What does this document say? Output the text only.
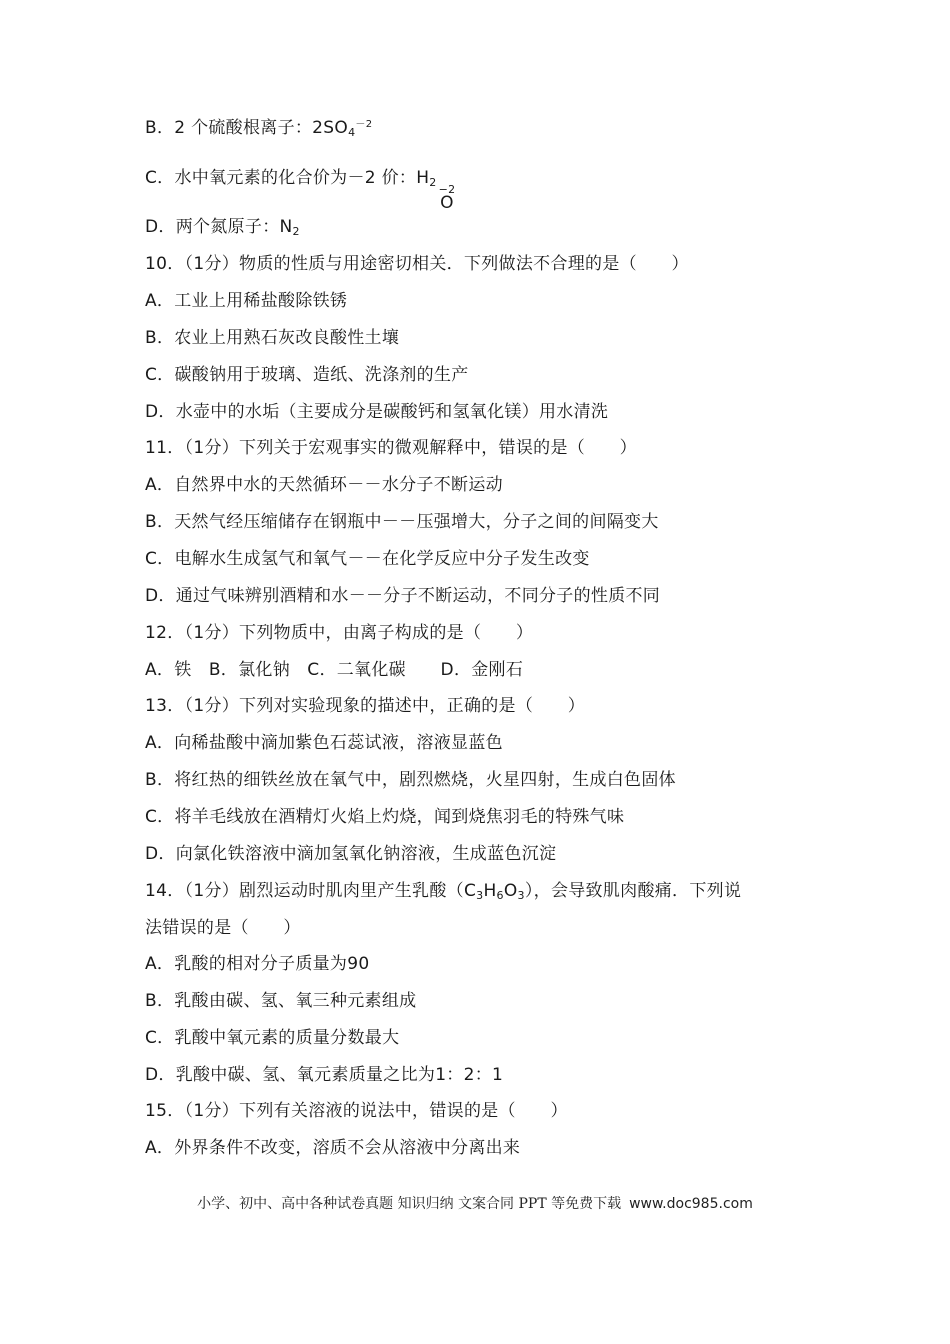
B．2 个硫酸根离子：$2SO_4^{-2}$
C．水中氧元素的化合价为－2 价：$H_2$
−2
O
D．两个氮原子：$N_2$
10．（1分）物质的性质与用途密切相关．下列做法不合理的是（　　）
A．工业上用稀盐酸除铁锈
B．农业上用熟石灰改良酸性土壤
C．碳酸钠用于玻璃、造纸、洗涤剂的生产
D．水壶中的水垢（主要成分是碳酸钙和氢氧化镁）用水清洗
11．（1分）下列关于宏观事实的微观解释中，错误的是（　　）
A．自然界中水的天然循环－－水分子不断运动
B．天然气经压缩储存在钢瓶中－－压强增大，分子之间的间隔变大
C．电解水生成氢气和氧气－－在化学反应中分子发生改变
D．通过气味辨别酒精和水－－分子不断运动，不同分子的性质不同
12．（1分）下列物质中，由离子构成的是（　　）
A．铁　B．氯化钠　C．二氧化碳　　D．金刚石
13．（1分）下列对实验现象的描述中，正确的是（　　）
A．向稀盐酸中滴加紫色石蕊试液，溶液显蓝色
B．将红热的细铁丝放在氧气中，剧烈燃烧，火星四射，生成白色固体
C．将羊毛线放在酒精灯火焰上灼烧，闻到烧焦羽毛的特殊气味
D．向氯化铁溶液中滴加氢氧化钠溶液，生成蓝色沉淀
14．（1分）剧烈运动时肌肉里产生乳酸$(C_3H_6O_3)$，会导致肌肉酸痛．下列说
法错误的是（　　）
A．乳酸的相对分子质量为90
B．乳酸由碳、氢、氧三种元素组成
C．乳酸中氧元素的质量分数最大
D．乳酸中碳、氢、氧元素质量之比为1：2：1
15．（1分）下列有关溶液的说法中，错误的是（　　）
A．外界条件不改变，溶质不会从溶液中分离出来
小学、初中、高中各种试卷真题 知识归纳 文案合同 PPT 等免费下载 www.doc985.com
